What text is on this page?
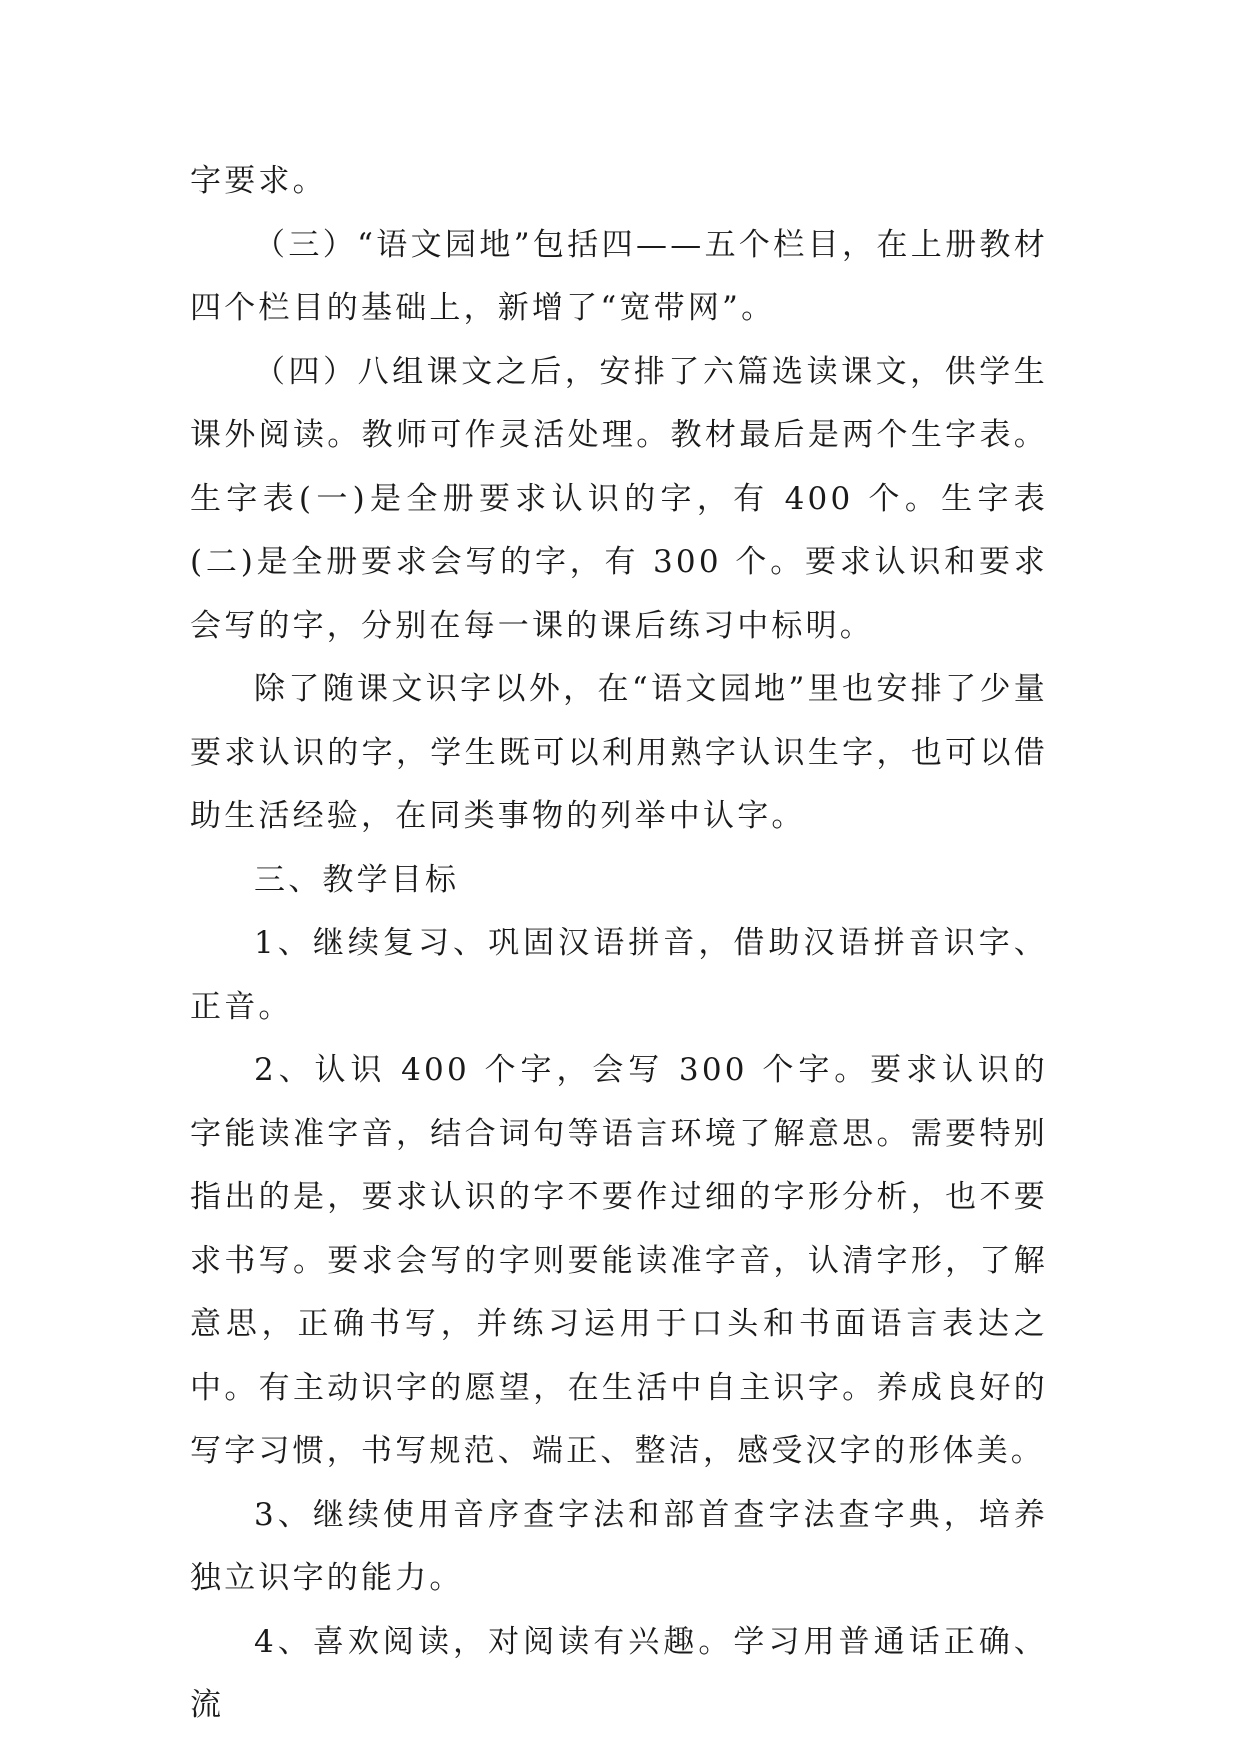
字要求。

（三）“语文园地”包括四——五个栏目，在上册教材四个栏目的基础上，新增了“宽带网”。

（四）八组课文之后，安排了六篇选读课文，供学生课外阅读。教师可作灵活处理。教材最后是两个生字表。生字表(一)是全册要求认识的字，有 400 个。生字表(二)是全册要求会写的字，有 300 个。要求认识和要求会写的字，分别在每一课的课后练习中标明。

除了随课文识字以外，在“语文园地”里也安排了少量要求认识的字，学生既可以利用熟字认识生字，也可以借助生活经验，在同类事物的列举中认字。

三、教学目标

1、继续复习、巩固汉语拼音，借助汉语拼音识字、正音。

2、认识 400 个字，会写 300 个字。要求认识的字能读准字音，结合词句等语言环境了解意思。需要特别指出的是，要求认识的字不要作过细的字形分析，也不要求书写。要求会写的字则要能读准字音，认清字形，了解意思，正确书写，并练习运用于口头和书面语言表达之中。有主动识字的愿望，在生活中自主识字。养成良好的写字习惯，书写规范、端正、整洁，感受汉字的形体美。

3、继续使用音序查字法和部首查字法查字典，培养独立识字的能力。

4、喜欢阅读，对阅读有兴趣。学习用普通话正确、流
